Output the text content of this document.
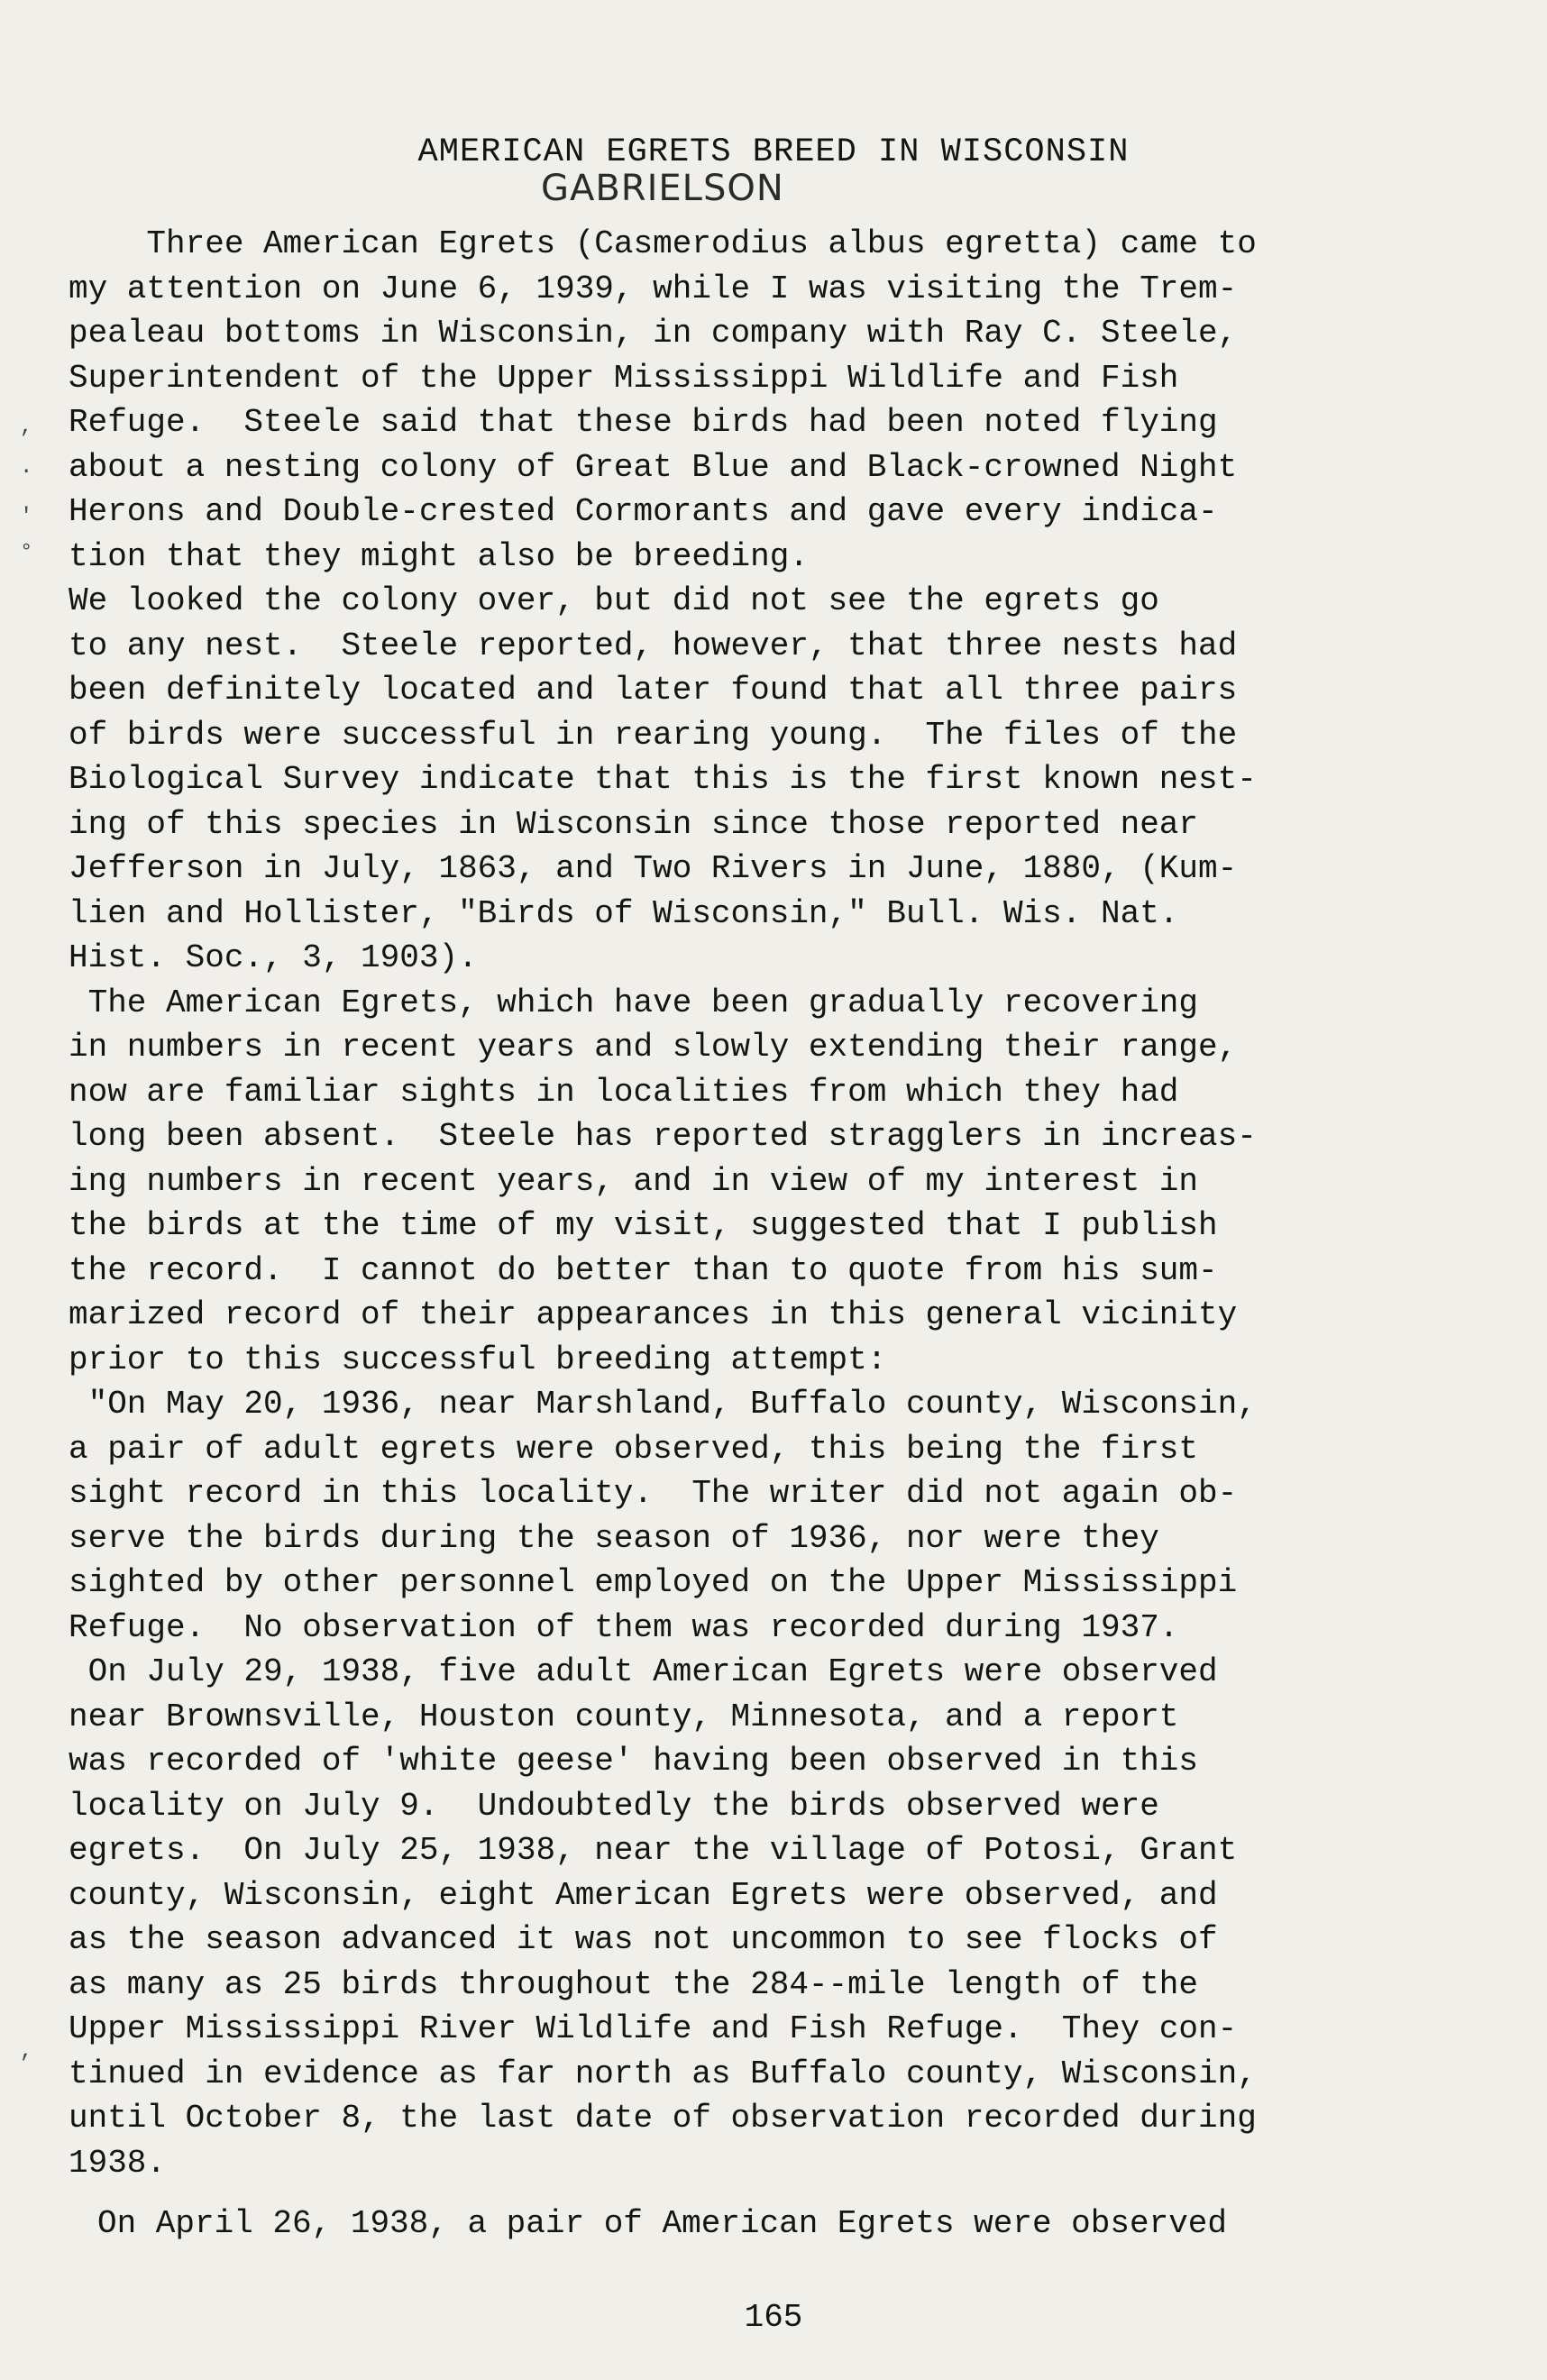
AMERICAN EGRETS BREED IN WISCONSIN
GABRIELSON
,
·
'
°
,
Three American Egrets (Casmerodius albus egretta) came to
my attention on June 6, 1939, while I was visiting the Trem-
pealeau bottoms in Wisconsin, in company with Ray C. Steele,
Superintendent of the Upper Mississippi Wildlife and Fish
Refuge.  Steele said that these birds had been noted flying
about a nesting colony of Great Blue and Black-crowned Night
Herons and Double-crested Cormorants and gave every indica-
tion that they might also be breeding.
We looked the colony over, but did not see the egrets go
to any nest.  Steele reported, however, that three nests had
been definitely located and later found that all three pairs
of birds were successful in rearing young.  The files of the
Biological Survey indicate that this is the first known nest-
ing of this species in Wisconsin since those reported near
Jefferson in July, 1863, and Two Rivers in June, 1880, (Kum-
lien and Hollister, "Birds of Wisconsin," Bull. Wis. Nat.
Hist. Soc., 3, 1903).
The American Egrets, which have been gradually recovering
in numbers in recent years and slowly extending their range,
now are familiar sights in localities from which they had
long been absent.  Steele has reported stragglers in increas-
ing numbers in recent years, and in view of my interest in
the birds at the time of my visit, suggested that I publish
the record.  I cannot do better than to quote from his sum-
marized record of their appearances in this general vicinity
prior to this successful breeding attempt:
"On May 20, 1936, near Marshland, Buffalo county, Wisconsin,
a pair of adult egrets were observed, this being the first
sight record in this locality.  The writer did not again ob-
serve the birds during the season of 1936, nor were they
sighted by other personnel employed on the Upper Mississippi
Refuge.  No observation of them was recorded during 1937.
On July 29, 1938, five adult American Egrets were observed
near Brownsville, Houston county, Minnesota, and a report
was recorded of 'white geese' having been observed in this
locality on July 9.  Undoubtedly the birds observed were
egrets.  On July 25, 1938, near the village of Potosi, Grant
county, Wisconsin, eight American Egrets were observed, and
as the season advanced it was not uncommon to see flocks of
as many as 25 birds throughout the 284--mile length of the
Upper Mississippi River Wildlife and Fish Refuge.  They con-
tinued in evidence as far north as Buffalo county, Wisconsin,
until October 8, the last date of observation recorded during
1938.
On April 26, 1938, a pair of American Egrets were observed
165
